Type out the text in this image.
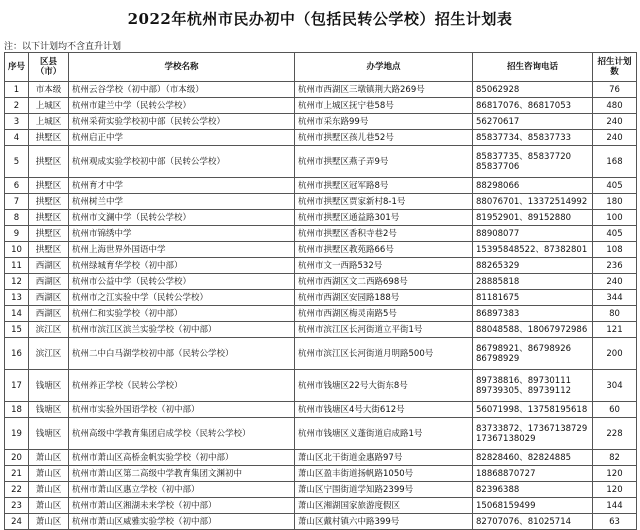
2022年杭州市民办初中（包括民转公学校）招生计划表
注：以下计划均不含直升计划
序号	区县（市）	学校名称	办学地点	招生咨询电话	招生计划数
1	市本级	杭州云谷学校（初中部）（市本级）	杭州市西湖区三墩镇荆大路269号	85062928	76
2	上城区	杭州市建兰中学（民转公学校）	杭州市上城区抚宁巷58号	86817076、86817053	480
3	上城区	杭州采荷实验学校初中部（民转公学校）	杭州市采东路99号	56270617	240
4	拱墅区	杭州启正中学	杭州市拱墅区孩儿巷52号	85837734、85837733	240
5	拱墅区	杭州观成实验学校初中部（民转公学校）	杭州市拱墅区燕子弄9号	85837735、85837720 85837706	168
6	拱墅区	杭州育才中学	杭州市拱墅区冠军路8号	88298066	405
7	拱墅区	杭州树兰中学	杭州市拱墅区贾家新村8-1号	88076701、13372514992	180
8	拱墅区	杭州市文澜中学（民转公学校）	杭州市拱墅区通益路301号	81952901、89152880	100
9	拱墅区	杭州市锦绣中学	杭州市拱墅区香积寺巷2号	88908077	405
10	拱墅区	杭州上海世界外国语中学	杭州市拱墅区教苑路66号	15395848522、87382801	108
11	西湖区	杭州绿城育华学校（初中部）	杭州市文一西路532号	88265329	236
12	西湖区	杭州市公益中学（民转公学校）	杭州市西湖区文二西路698号	28885818	240
13	西湖区	杭州市之江实验中学（民转公学校）	杭州市西湖区安园路188号	81181675	344
14	西湖区	杭州仁和实验学校（初中部）	杭州市西湖区梅灵南路5号	86897383	80
15	滨江区	杭州市滨江区滨兰实验学校（初中部）	杭州市滨江区长河街道立平街1号	88048588、18067972986	121
16	滨江区	杭州二中白马湖学校初中部（民转公学校）	杭州市滨江区长河街道月明路500号	86798921、86798926 86798929	200
17	钱塘区	杭州养正学校（民转公学校）	杭州市钱塘区22号大街东8号	89738816、89730111 89739305、89739112	304
18	钱塘区	杭州市实验外国语学校（初中部）	杭州市钱塘区4号大街612号	56071998、13758195618	60
19	钱塘区	杭州高级中学教育集团启成学校（民转公学校）	杭州市钱塘区义蓬街道启成路1号	83733872、17367138729 17367138029	228
20	萧山区	杭州市萧山区高桥金帆实验学校（初中部）	萧山区北干街道金惠路97号	82828460、82824885	82
21	萧山区	杭州市萧山区第二高级中学教育集团文渊初中	萧山区盈丰街道扬帆路1050号	18868870727	120
22	萧山区	杭州市萧山区惠立学校（初中部）	萧山区宁围街道学知路2399号	82396388	120
23	萧山区	杭州市萧山区湘湖未来学校（初中部）	萧山区湘湖国家旅游度假区	15068159499	144
24	萧山区	杭州市萧山区威雅实验学校（初中部）	萧山区戴村镇六中路399号	82707076、81025714	63
